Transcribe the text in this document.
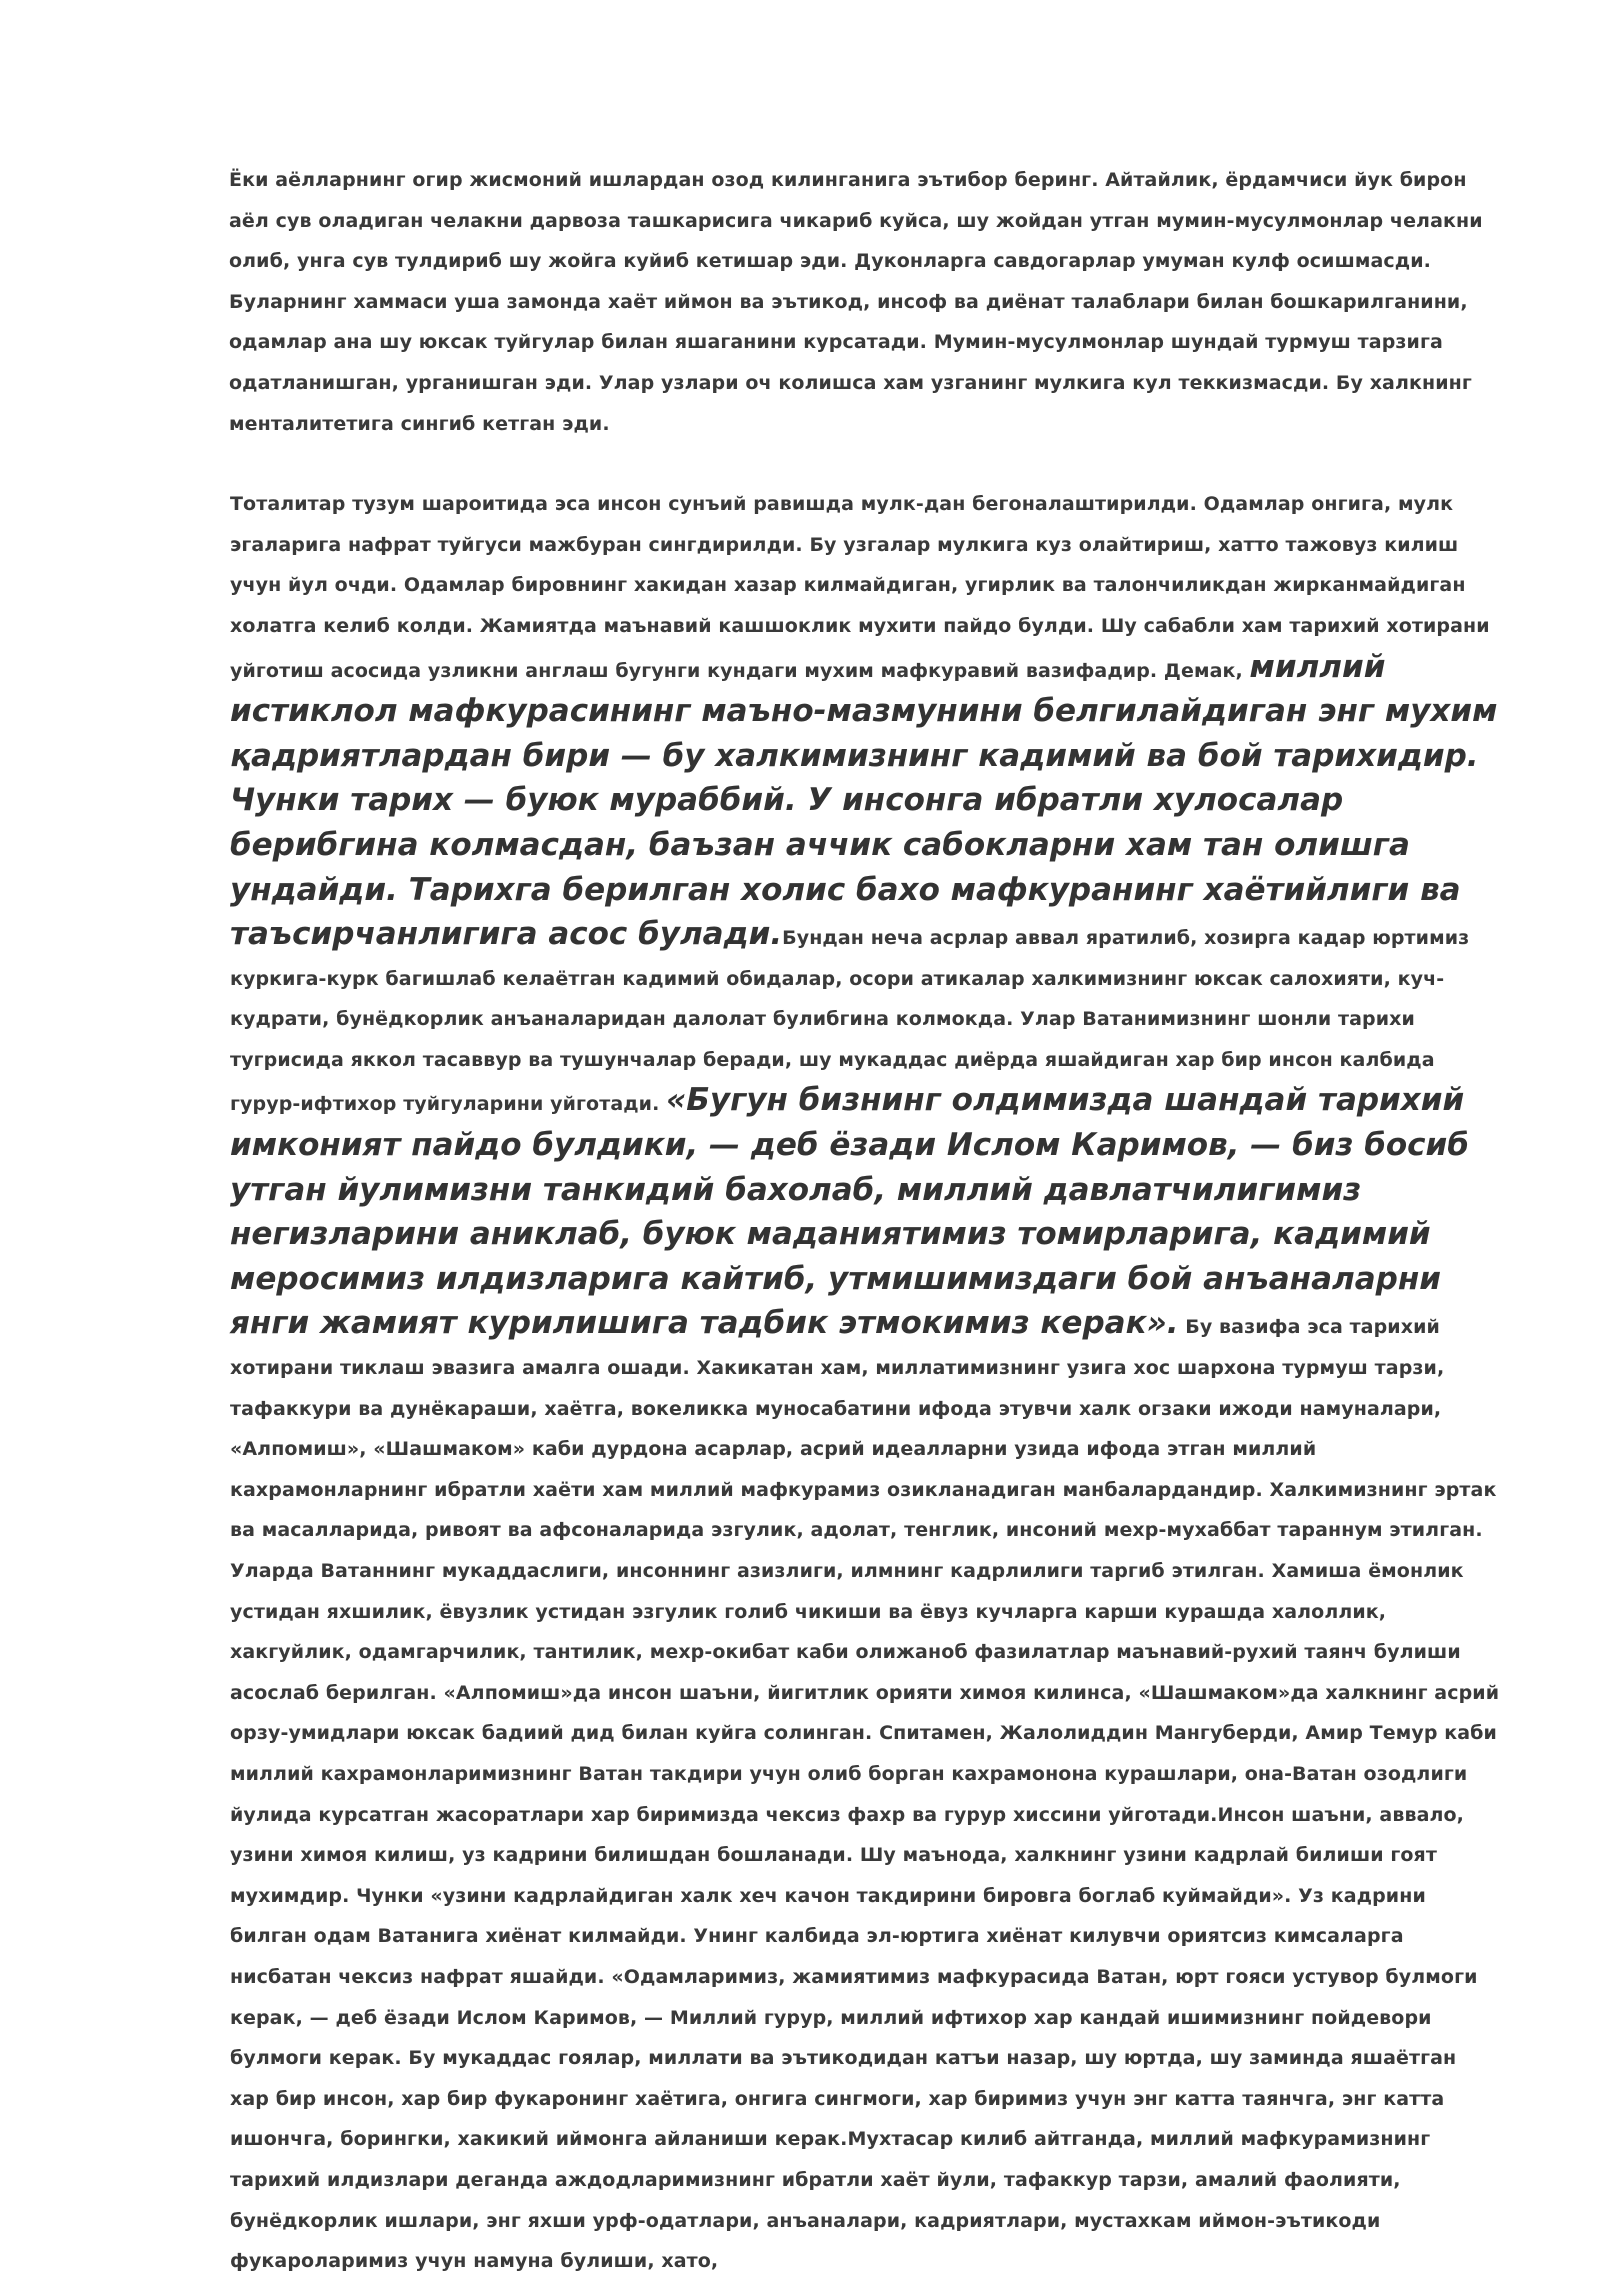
Ёки аёлларнинг огир жисмоний ишлардан озод килинганига эътибор беринг. Айтайлик, ёрдамчиси йук бирон аёл сув оладиган челакни дарвоза ташкарисига чикариб куйса, шу жойдан утган мумин-мусулмонлар челакни олиб, унга сув тулдириб шу жойга куйиб кетишар эди. Дуконларга савдогарлар умуман кулф осишмасди. Буларнинг хаммаси уша замонда хаёт иймон ва эътикод, инсоф ва диёнат талаблари билан бошкарилганини, одамлар ана шу юксак туйгулар билан яшаганини курсатади. Мумин-мусулмонлар шундай турмуш тарзига одатланишган, урганишган эди. Улар узлари оч колишса хам узганинг мулкига кул теккизмасди. Бу халкнинг менталитетига сингиб кетган эди.

Тоталитар тузум шароитида эса инсон сунъий равишда мулк-дан бегоналаштирилди. Одамлар онгига, мулк эгаларига нафрат туйгуси мажбуран сингдирилди. Бу узгалар мулкига куз олайтириш, хатто тажовуз килиш учун йул очди. Одамлар бировнинг хакидан хазар килмайдиган, угирлик ва талончиликдан жирканмайдиган холатга келиб колди. Жамиятда маънавий кашшоклик мухити пайдо булди. Шу сабабли хам тарихий хотирани уйготиш асосида узликни англаш бугунги кундаги мухим мафкуравий вазифадир. Демак, миллий истиклол мафкурасининг маъно-мазмунини белгилайдиган энг мухим қадриятлардан бири — бу халкимизнинг кадимий ва бой тарихидир. Чунки тарих — буюк мураббий. У инсонга ибратли хулосалар берибгина колмасдан, баъзан аччик сабокларни хам тан олишга ундайди. Тарихга берилган холис бахо мафкуранинг хаётийлиги ва таъсирчанлигига асос булади.Бундан неча асрлар аввал яратилиб, хозирга кадар юртимиз куркига-курк багишлаб келаётган кадимий обидалар, осори атикалар халкимизнинг юксак салохияти, куч-кудрати, бунёдкорлик анъаналаридан далолат булибгина колмокда. Улар Ватанимизнинг шонли тарихи тугрисида яккол тасаввур ва тушунчалар беради, шу мукаддас диёрда яшайдиган хар бир инсон калбида гурур-ифтихор туйгуларини уйготади. «Бугун бизнинг олдимизда шандай тарихий имконият пайдо булдики, — деб ёзади Ислом Каримов, — биз босиб утган йулимизни танкидий бахолаб, миллий давлатчилигимиз негизларини аниклаб, буюк маданиятимиз томирларига, кадимий меросимиз илдизларига кайтиб, утмишимиздаги бой анъаналарни янги жамият курилишига тадбик этмокимиз керак». Бу вазифа эса тарихий хотирани тиклаш эвазига амалга ошади. Хакикатан хам, миллатимизнинг узига хос шархона турмуш тарзи, тафаккури ва дунёкараши, хаётга, вокеликка муносабатини ифода этувчи халк огзаки ижоди намуналари, «Алпомиш», «Шашмаком» каби дурдона асарлар, асрий идеалларни узида ифода этган миллий кахрамонларнинг ибратли хаёти хам миллий мафкурамиз озикланадиган манбалардандир. Халкимизнинг эртак ва масалларида, ривоят ва афсоналарида эзгулик, адолат, тенглик, инсоний мехр-мухаббат тараннум этилган. Уларда Ватаннинг мукаддаслиги, инсоннинг азизлиги, илмнинг кадрлилиги таргиб этилган. Хамиша ёмонлик устидан яхшилик, ёвузлик устидан эзгулик голиб чикиши ва ёвуз кучларга карши курашда халоллик, хакгуйлик, одамгарчилик, тантилик, мехр-окибат каби олижаноб фазилатлар маънавий-рухий таянч булиши асослаб берилган. «Алпомиш»да инсон шаъни, йигитлик орияти химоя килинса, «Шашмаком»да халкнинг асрий орзу-умидлари юксак бадиий дид билан куйга солинган. Спитамен, Жалолиддин Мангуберди, Амир Темур каби миллий кахрамонларимизнинг Ватан такдири учун олиб борган кахрамонона курашлари, она-Ватан озодлиги йулида курсатган жасоратлари хар биримизда чексиз фахр ва гурур хиссини уйготади.Инсон шаъни, аввало, узини химоя килиш, уз кадрини билишдан бошланади. Шу маънода, халкнинг узини кадрлай билиши гоят мухимдир. Чунки «узини кадрлайдиган халк хеч качон такдирини бировга боглаб куймайди». Уз кадрини билган одам Ватанига хиёнат килмайди. Унинг калбида эл-юртига хиёнат килувчи ориятсиз кимсаларга нисбатан чексиз нафрат яшайди. «Одамларимиз, жамиятимиз мафкурасида Ватан, юрт гояси устувор булмоги керак, — деб ёзади Ислом Каримов, — Миллий гурур, миллий ифтихор хар кандай ишимизнинг пойдевори булмоги керак. Бу мукаддас гоялар, миллати ва эътикодидан катъи назар, шу юртда, шу заминда яшаётган хар бир инсон, хар бир фукаронинг хаётига, онгига сингмоги, хар биримиз учун энг катта таянчга, энг катта ишончга, борингки, хакикий иймонга айланиши керак.Мухтасар килиб айтганда, миллий мафкурамизнинг тарихий илдизлари деганда аждодларимизнинг ибратли хаёт йули, тафаккур тарзи, амалий фаолияти, бунёдкорлик ишлари, энг яхши урф-одатлари, анъаналари, кадриятлари, мустахкам иймон-эътикоди фукароларимиз учун намуна булиши, хато,
